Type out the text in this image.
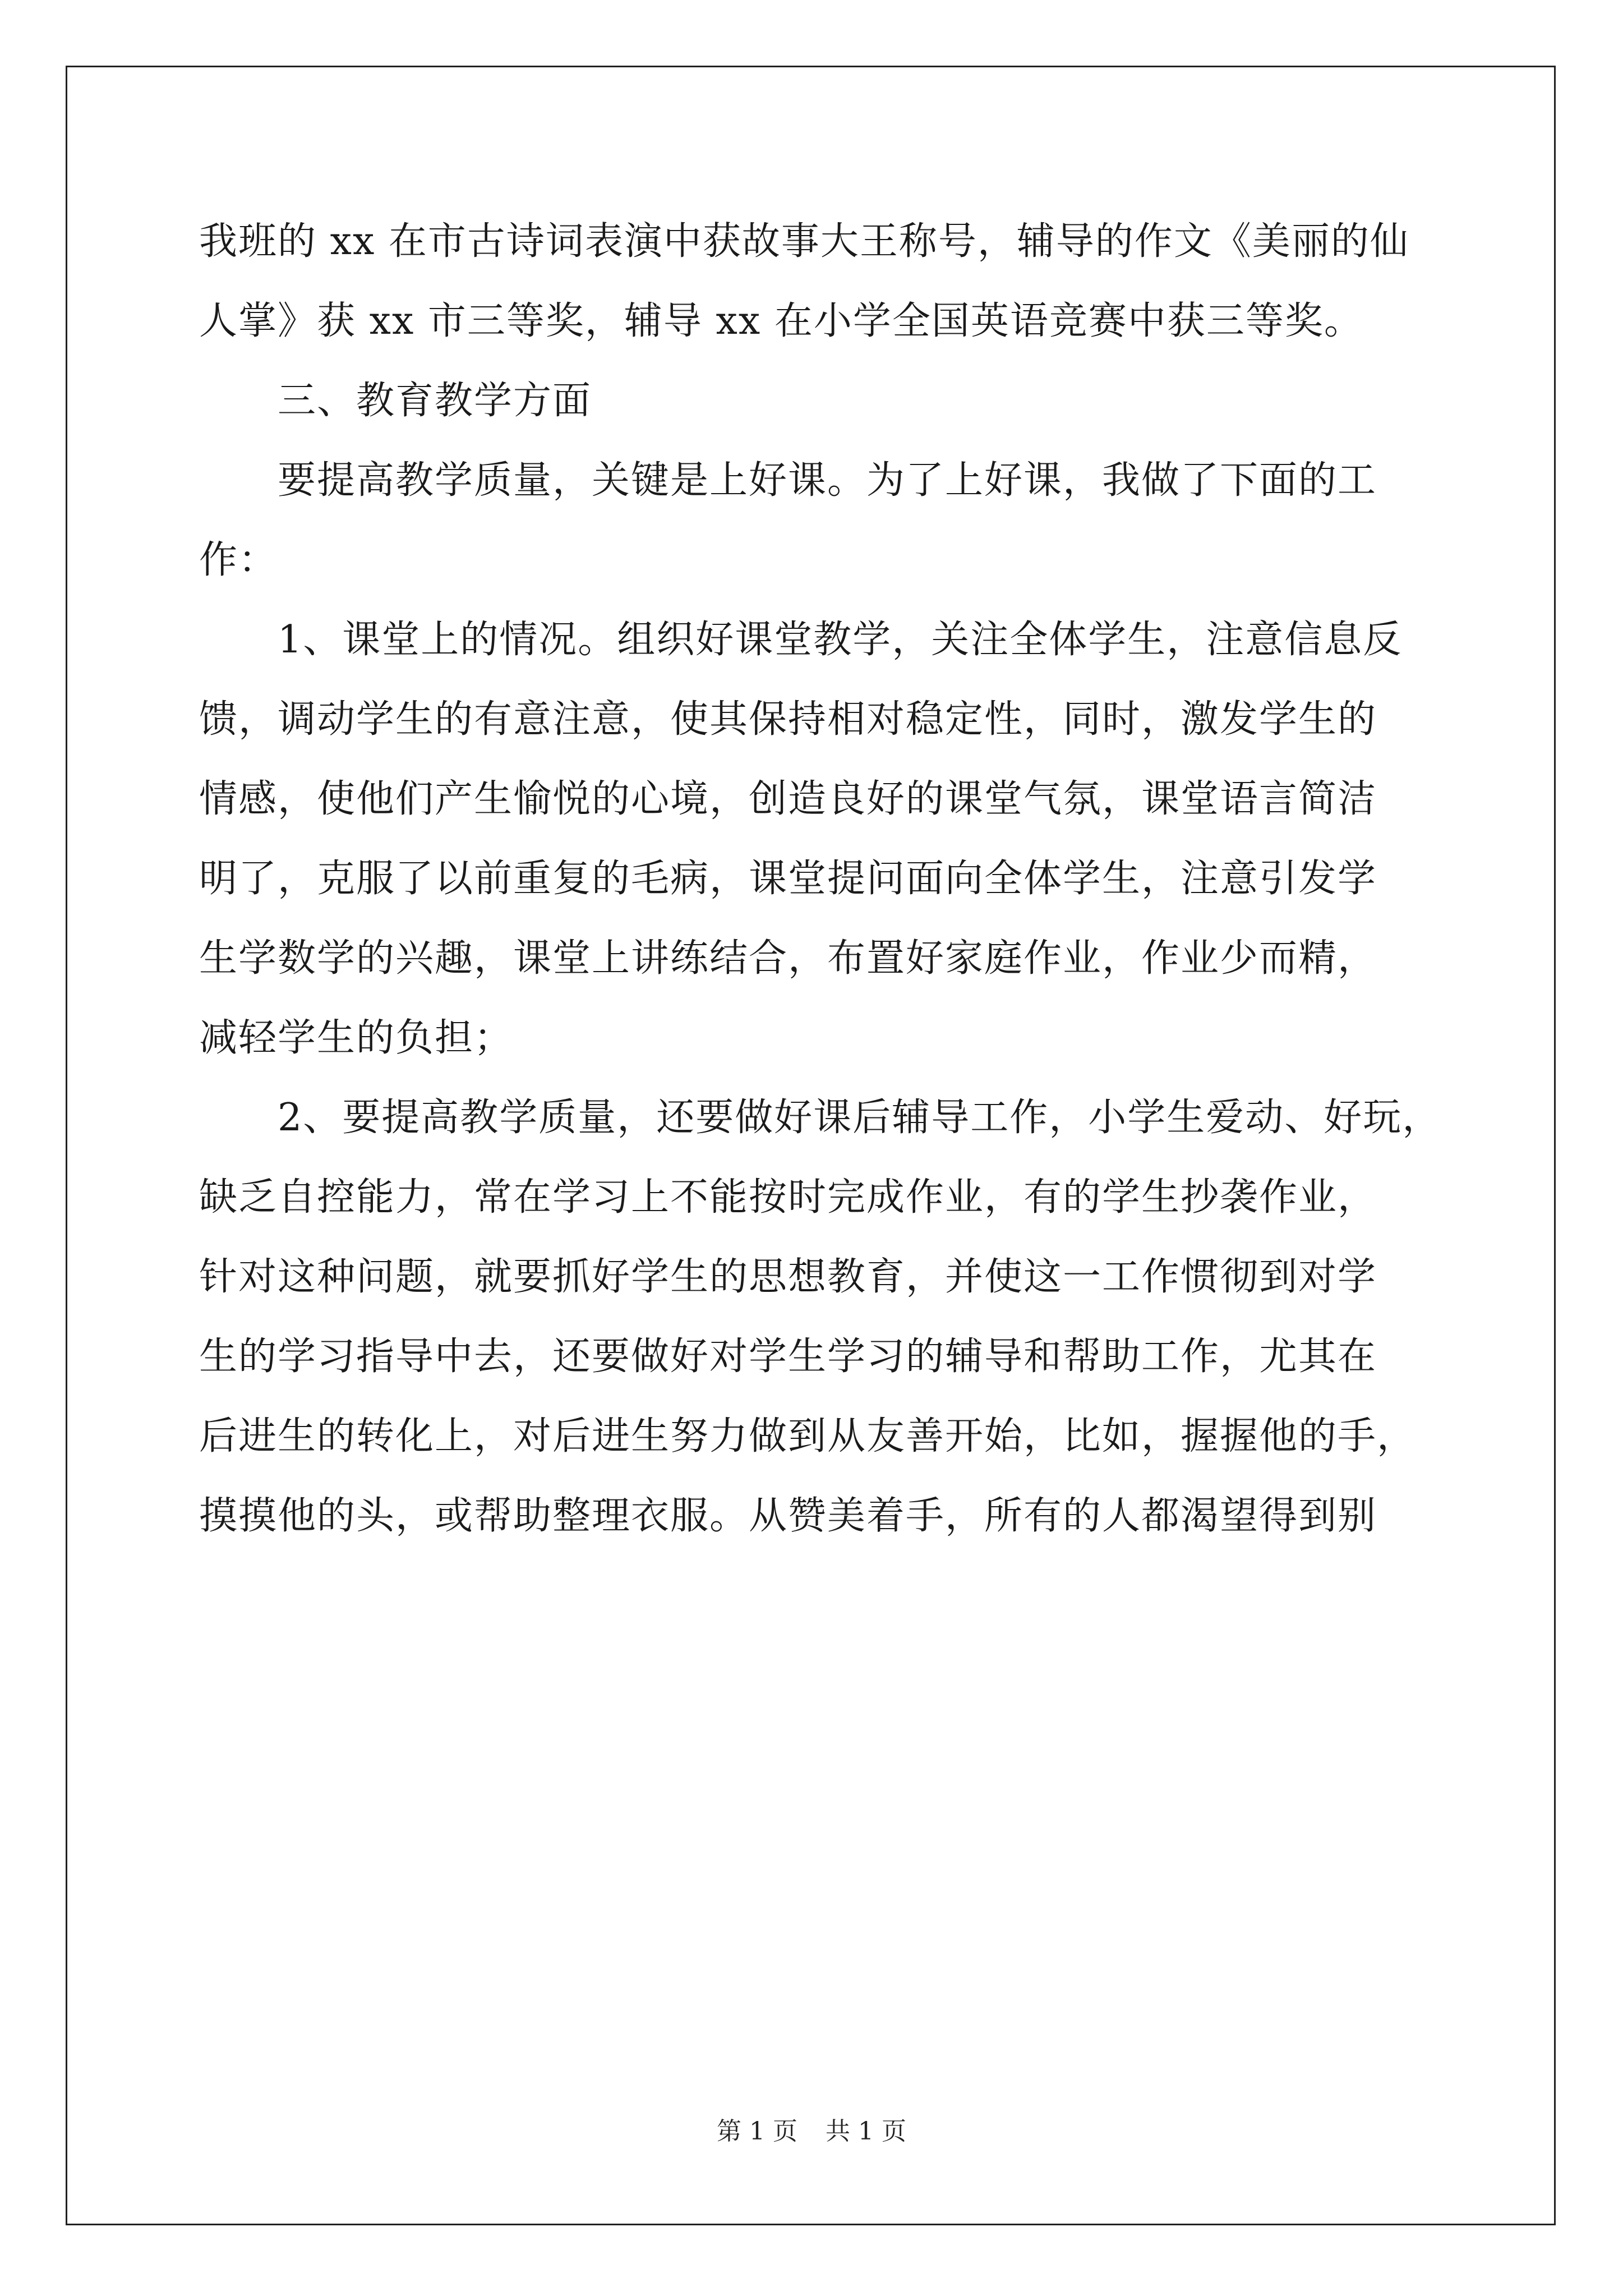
我班的 xx 在市古诗词表演中获故事大王称号，辅导的作文《美丽的仙
人掌》获 xx 市三等奖，辅导 xx 在小学全国英语竞赛中获三等奖。
三、教育教学方面
要提高教学质量，关键是上好课。为了上好课，我做了下面的工
作：
1、课堂上的情况。组织好课堂教学，关注全体学生，注意信息反
馈，调动学生的有意注意，使其保持相对稳定性，同时，激发学生的
情感，使他们产生愉悦的心境，创造良好的课堂气氛，课堂语言简洁
明了，克服了以前重复的毛病，课堂提问面向全体学生，注意引发学
生学数学的兴趣，课堂上讲练结合，布置好家庭作业，作业少而精，
减轻学生的负担；
2、要提高教学质量，还要做好课后辅导工作，小学生爱动、好玩，
缺乏自控能力，常在学习上不能按时完成作业，有的学生抄袭作业，
针对这种问题，就要抓好学生的思想教育，并使这一工作惯彻到对学
生的学习指导中去，还要做好对学生学习的辅导和帮助工作，尤其在
后进生的转化上，对后进生努力做到从友善开始，比如，握握他的手，
摸摸他的头，或帮助整理衣服。从赞美着手，所有的人都渴望得到别
第 1 页 共 1 页
